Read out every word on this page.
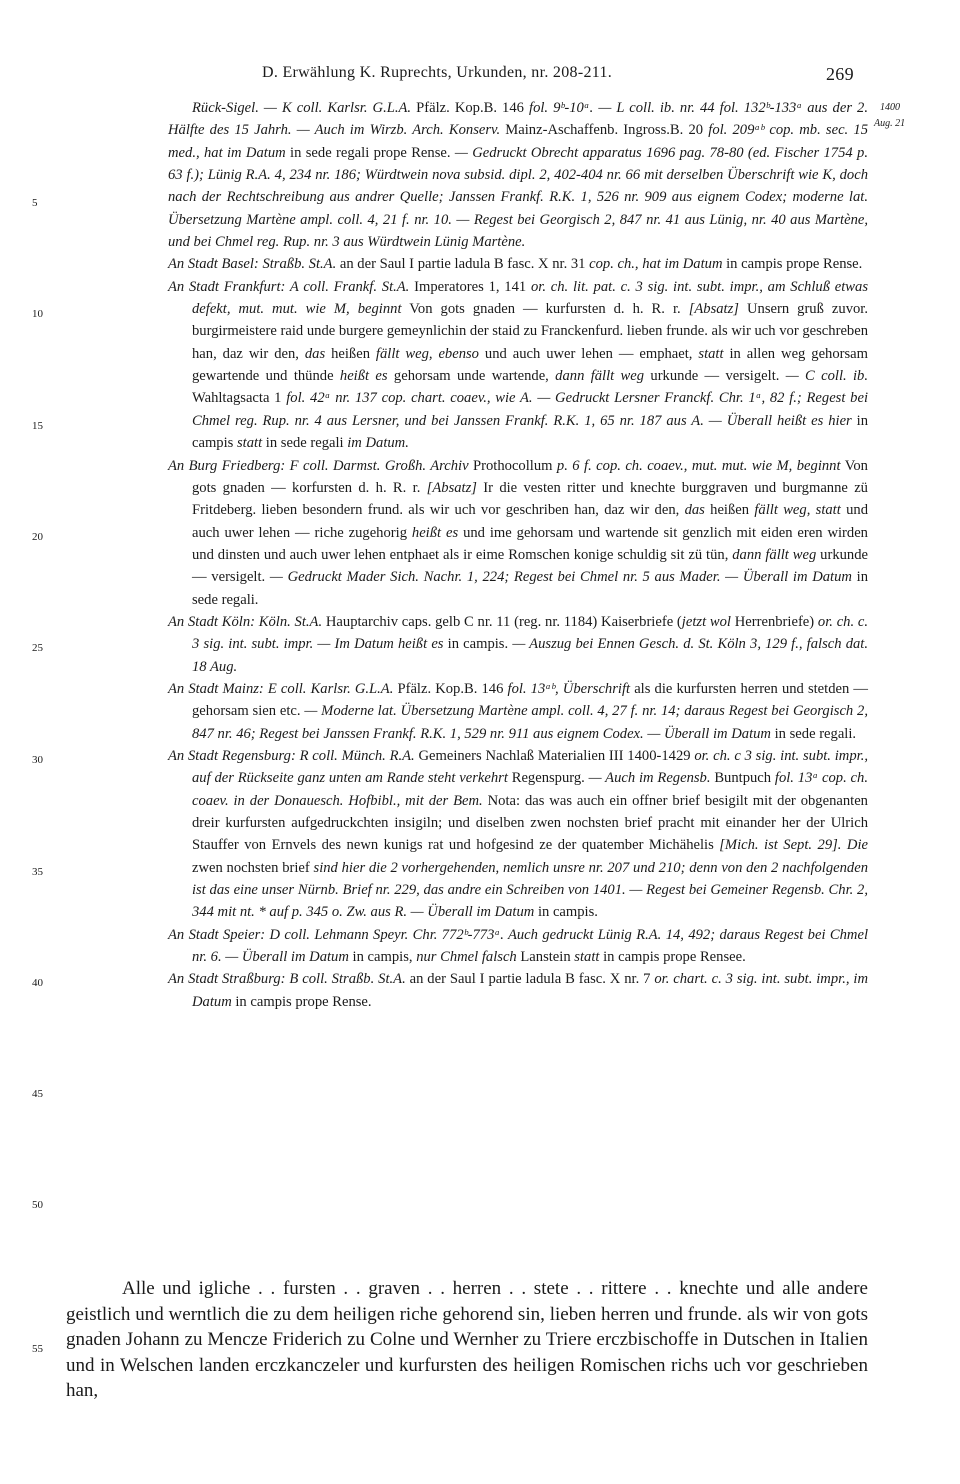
D. Erwählung K. Ruprechts, Urkunden, nr. 208-211.	269
1400
Aug. 21
5
10
15
20
25
30
35
40
45
50
55

Rück-Sigel. — K coll. Karlsr. G.L.A. Pfälz. Kop.B. 146 fol. 9ᵇ-10ᵃ. — L coll. ib. nr. 44 fol. 132ᵇ-133ᵃ aus der 2. Hälfte des 15 Jahrh. — Auch im Wirzb. Arch. Konserv. Mainz-Aschaffenb. Ingross.B. 20 fol. 209ᵃᵇ cop. mb. sec. 15 med., hat im Datum in sede regali prope Rense. — Gedruckt Obrecht apparatus 1696 pag. 78-80 (ed. Fischer 1754 p. 63 f.); Lünig R.A. 4, 234 nr. 186; Würdtwein nova subsid. dipl. 2, 402-404 nr. 66 mit derselben Überschrift wie K, doch nach der Rechtschreibung aus andrer Quelle; Janssen Frankf. R.K. 1, 526 nr. 909 aus eignem Codex; moderne lat. Übersetzung Martène ampl. coll. 4, 21 f. nr. 10. — Regest bei Georgisch 2, 847 nr. 41 aus Lünig, nr. 40 aus Martène, und bei Chmel reg. Rup. nr. 3 aus Würdtwein Lünig Martène.

An Stadt Basel: Straßb. St.A. an der Saul I partie ladula B fasc. X nr. 31 cop. ch., hat im Datum in campis prope Rense.

An Stadt Frankfurt: A coll. Frankf. St.A. Imperatores 1, 141 or. ch. lit. pat. c. 3 sig. int. subt. impr., am Schluß etwas defekt, mut. mut. wie M, beginnt Von gots gnaden — kurfursten d. h. R. r. [Absatz] Unsern gruß zuvor. burgirmeistere raid unde burgere gemeynlichin der staid zu Franckenfurd. lieben frunde. als wir uch vor geschreben han, daz wir den, das heißen fällt weg, ebenso und auch uwer lehen — emphaet, statt in allen weg gehorsam gewartende und thünde heißt es gehorsam unde wartende, dann fällt weg urkunde — versigelt. — C coll. ib. Wahltagsacta 1 fol. 42ᵃ nr. 137 cop. chart. coaev., wie A. — Gedruckt Lersner Franckf. Chr. 1ᵃ, 82 f.; Regest bei Chmel reg. Rup. nr. 4 aus Lersner, und bei Janssen Frankf. R.K. 1, 65 nr. 187 aus A. — Überall heißt es hier in campis statt in sede regali im Datum.

An Burg Friedberg: F coll. Darmst. Großh. Archiv Prothocollum p. 6 f. cop. ch. coaev., mut. mut. wie M, beginnt Von gots gnaden — korfursten d. h. R. r. [Absatz] Ir die vesten ritter und knechte burggraven und burgmanne zü Fritdeberg. lieben besondern frund. als wir uch vor geschriben han, daz wir den, das heißen fällt weg, statt und auch uwer lehen — riche zugehorig heißt es und ime gehorsam und wartende sit genzlich mit eiden eren wirden und dinsten und auch uwer lehen entphaet als ir eime Romschen konige schuldig sit zü tün, dann fällt weg urkunde — versigelt. — Gedruckt Mader Sich. Nachr. 1, 224; Regest bei Chmel nr. 5 aus Mader. — Überall im Datum in sede regali.

An Stadt Köln: Köln. St.A. Hauptarchiv caps. gelb C nr. 11 (reg. nr. 1184) Kaiserbriefe (jetzt wol Herrenbriefe) or. ch. c. 3 sig. int. subt. impr. — Im Datum heißt es in campis. — Auszug bei Ennen Gesch. d. St. Köln 3, 129 f., falsch dat. 18 Aug.

An Stadt Mainz: E coll. Karlsr. G.L.A. Pfälz. Kop.B. 146 fol. 13ᵃᵇ, Überschrift als die kurfursten herren und stetden — gehorsam sien etc. — Moderne lat. Übersetzung Martène ampl. coll. 4, 27 f. nr. 14; daraus Regest bei Georgisch 2, 847 nr. 46; Regest bei Janssen Frankf. R.K. 1, 529 nr. 911 aus eignem Codex. — Überall im Datum in sede regali.

An Stadt Regensburg: R coll. Münch. R.A. Gemeiners Nachlaß Materialien III 1400-1429 or. ch. c 3 sig. int. subt. impr., auf der Rückseite ganz unten am Rande steht verkehrt Regenspurg. — Auch im Regensb. Buntpuch fol. 13ᵃ cop. ch. coaev. in der Donauesch. Hofbibl., mit der Bem. Nota: das was auch ein offner brief besigilt mit der obgenanten dreir kurfursten aufgedruckchten insigiln; und diselben zwen nochsten brief pracht mit einander her der Ulrich Stauffer von Ernvels des newn kunigs rat und hofgesind ze der quatember Michähelis [Mich. ist Sept. 29]. Die zwen nochsten brief sind hier die 2 vorhergehenden, nemlich unsre nr. 207 und 210; denn von den 2 nachfolgenden ist das eine unser Nürnb. Brief nr. 229, das andre ein Schreiben von 1401. — Regest bei Gemeiner Regensb. Chr. 2, 344 mit nt. * auf p. 345 o. Zw. aus R. — Überall im Datum in campis.

An Stadt Speier: D coll. Lehmann Speyr. Chr. 772ᵇ-773ᵃ. Auch gedruckt Lünig R.A. 14, 492; daraus Regest bei Chmel nr. 6. — Überall im Datum in campis, nur Chmel falsch Lanstein statt in campis prope Rensee.

An Stadt Straßburg: B coll. Straßb. St.A. an der Saul I partie ladula B fasc. X nr. 7 or. chart. c. 3 sig. int. subt. impr., im Datum in campis prope Rense.

Alle und igliche . . fursten . . graven . . herren . . stete . . rittere . . knechte und alle andere geistlich und werntlich die zu dem heiligen riche gehorend sin, lieben herren und frunde. als wir von gots gnaden Johann zu Mencze Friderich zu Colne und Wernher zu Triere erczbischoffe in Dutschen in Italien und in Welschen landen erczkanczeler und kurfursten des heiligen Romischen richs uch vor geschrieben han,
